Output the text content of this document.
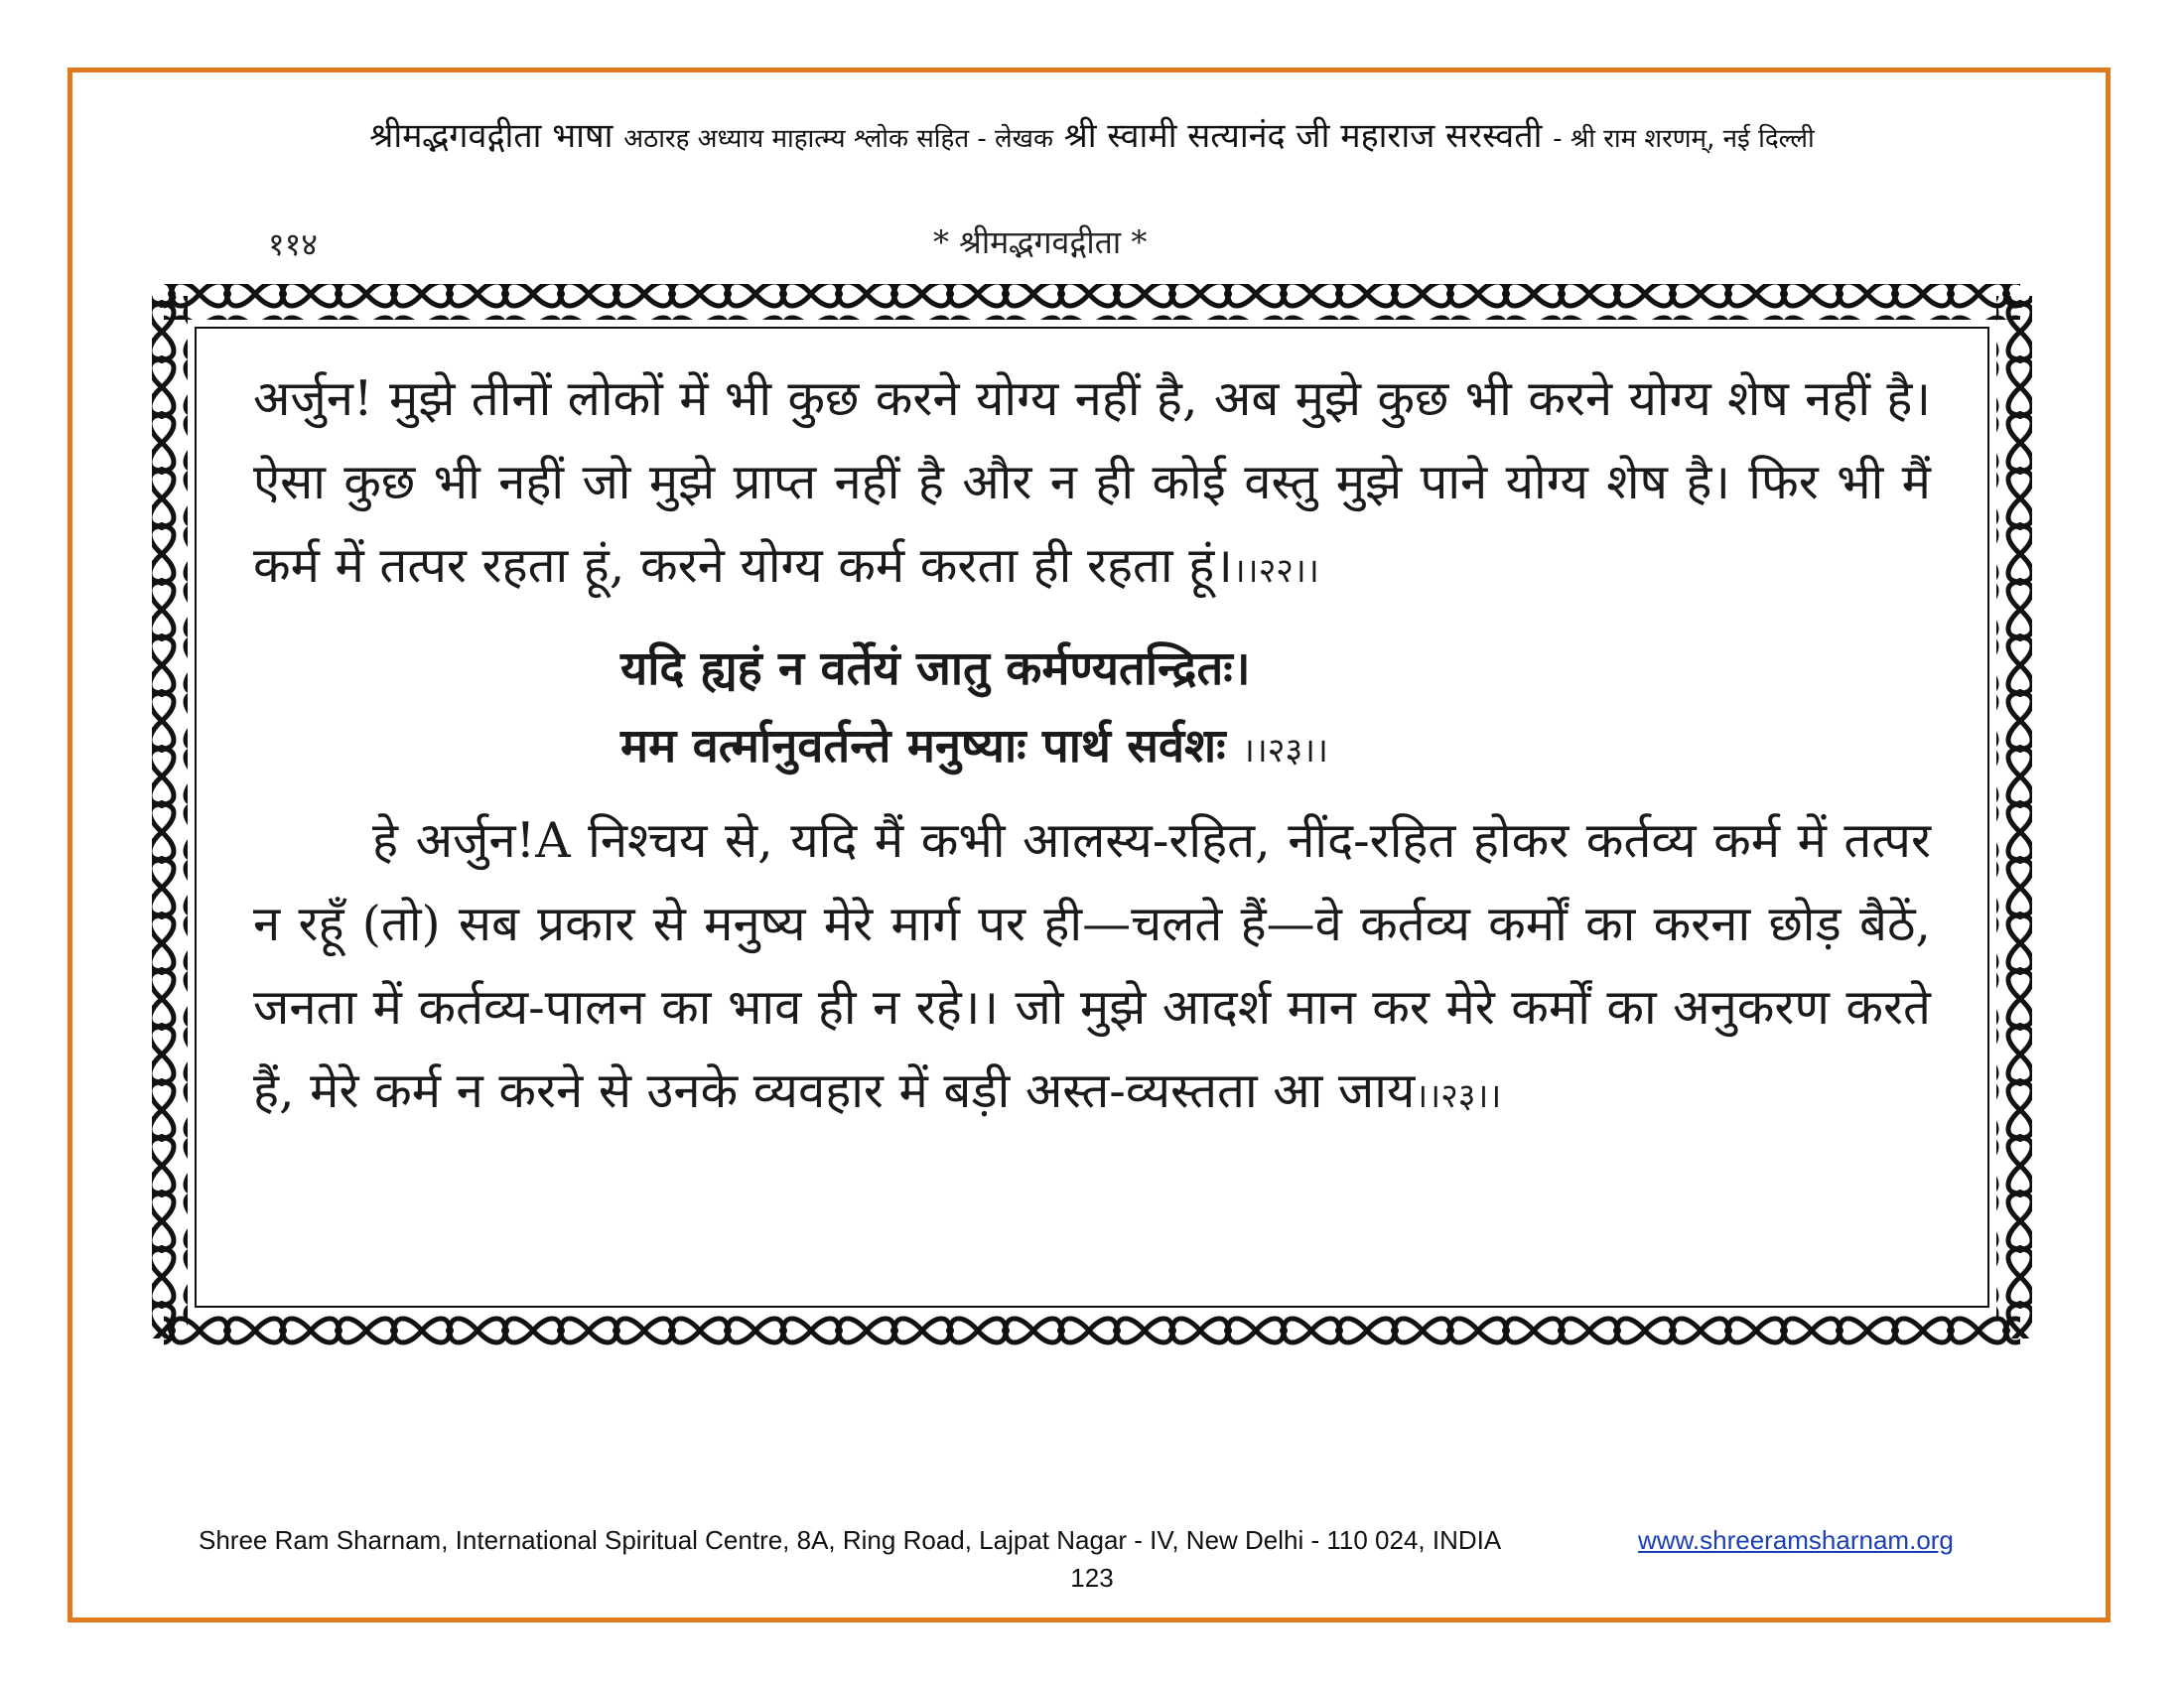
श्रीमद्भगवद्गीता भाषा अठारह अध्याय माहात्म्य श्लोक सहित - लेखक श्री स्वामी सत्यानंद जी महाराज सरस्वती - श्री राम शरणम्, नई दिल्ली
११४	* श्रीमद्भगवद्गीता *

अर्जुन! मुझे तीनों लोकों में भी कुछ करने योग्य नहीं है, अब मुझे कुछ भी करने योग्य शेष नहीं है। ऐसा कुछ भी नहीं जो मुझे प्राप्त नहीं है और न ही कोई वस्तु मुझे पाने योग्य शेष है। फिर भी मैं कर्म में तत्पर रहता हूं, करने योग्य कर्म करता ही रहता हूं।।।२२।।

यदि ह्यहं न वर्तेयं जातु कर्मण्यतन्द्रितः।
मम वर्त्मानुवर्तन्ते मनुष्याः पार्थ सर्वशः ।।२३।।

हे अर्जुन!A निश्चय से, यदि मैं कभी आलस्य-रहित, नींद-रहित होकर कर्तव्य कर्म में तत्पर न रहूँ (तो) सब प्रकार से मनुष्य मेरे मार्ग पर ही—चलते हैं—वे कर्तव्य कर्मों का करना छोड़ बैठें, जनता में कर्तव्य-पालन का भाव ही न रहे।। जो मुझे आदर्श मान कर मेरे कर्मों का अनुकरण करते हैं, मेरे कर्म न करने से उनके व्यवहार में बड़ी अस्त-व्यस्तता आ जाय।।२३।।

Shree Ram Sharnam, International Spiritual Centre, 8A, Ring Road, Lajpat Nagar - IV, New Delhi - 110 024, INDIA	www.shreeramsharnam.org
123
